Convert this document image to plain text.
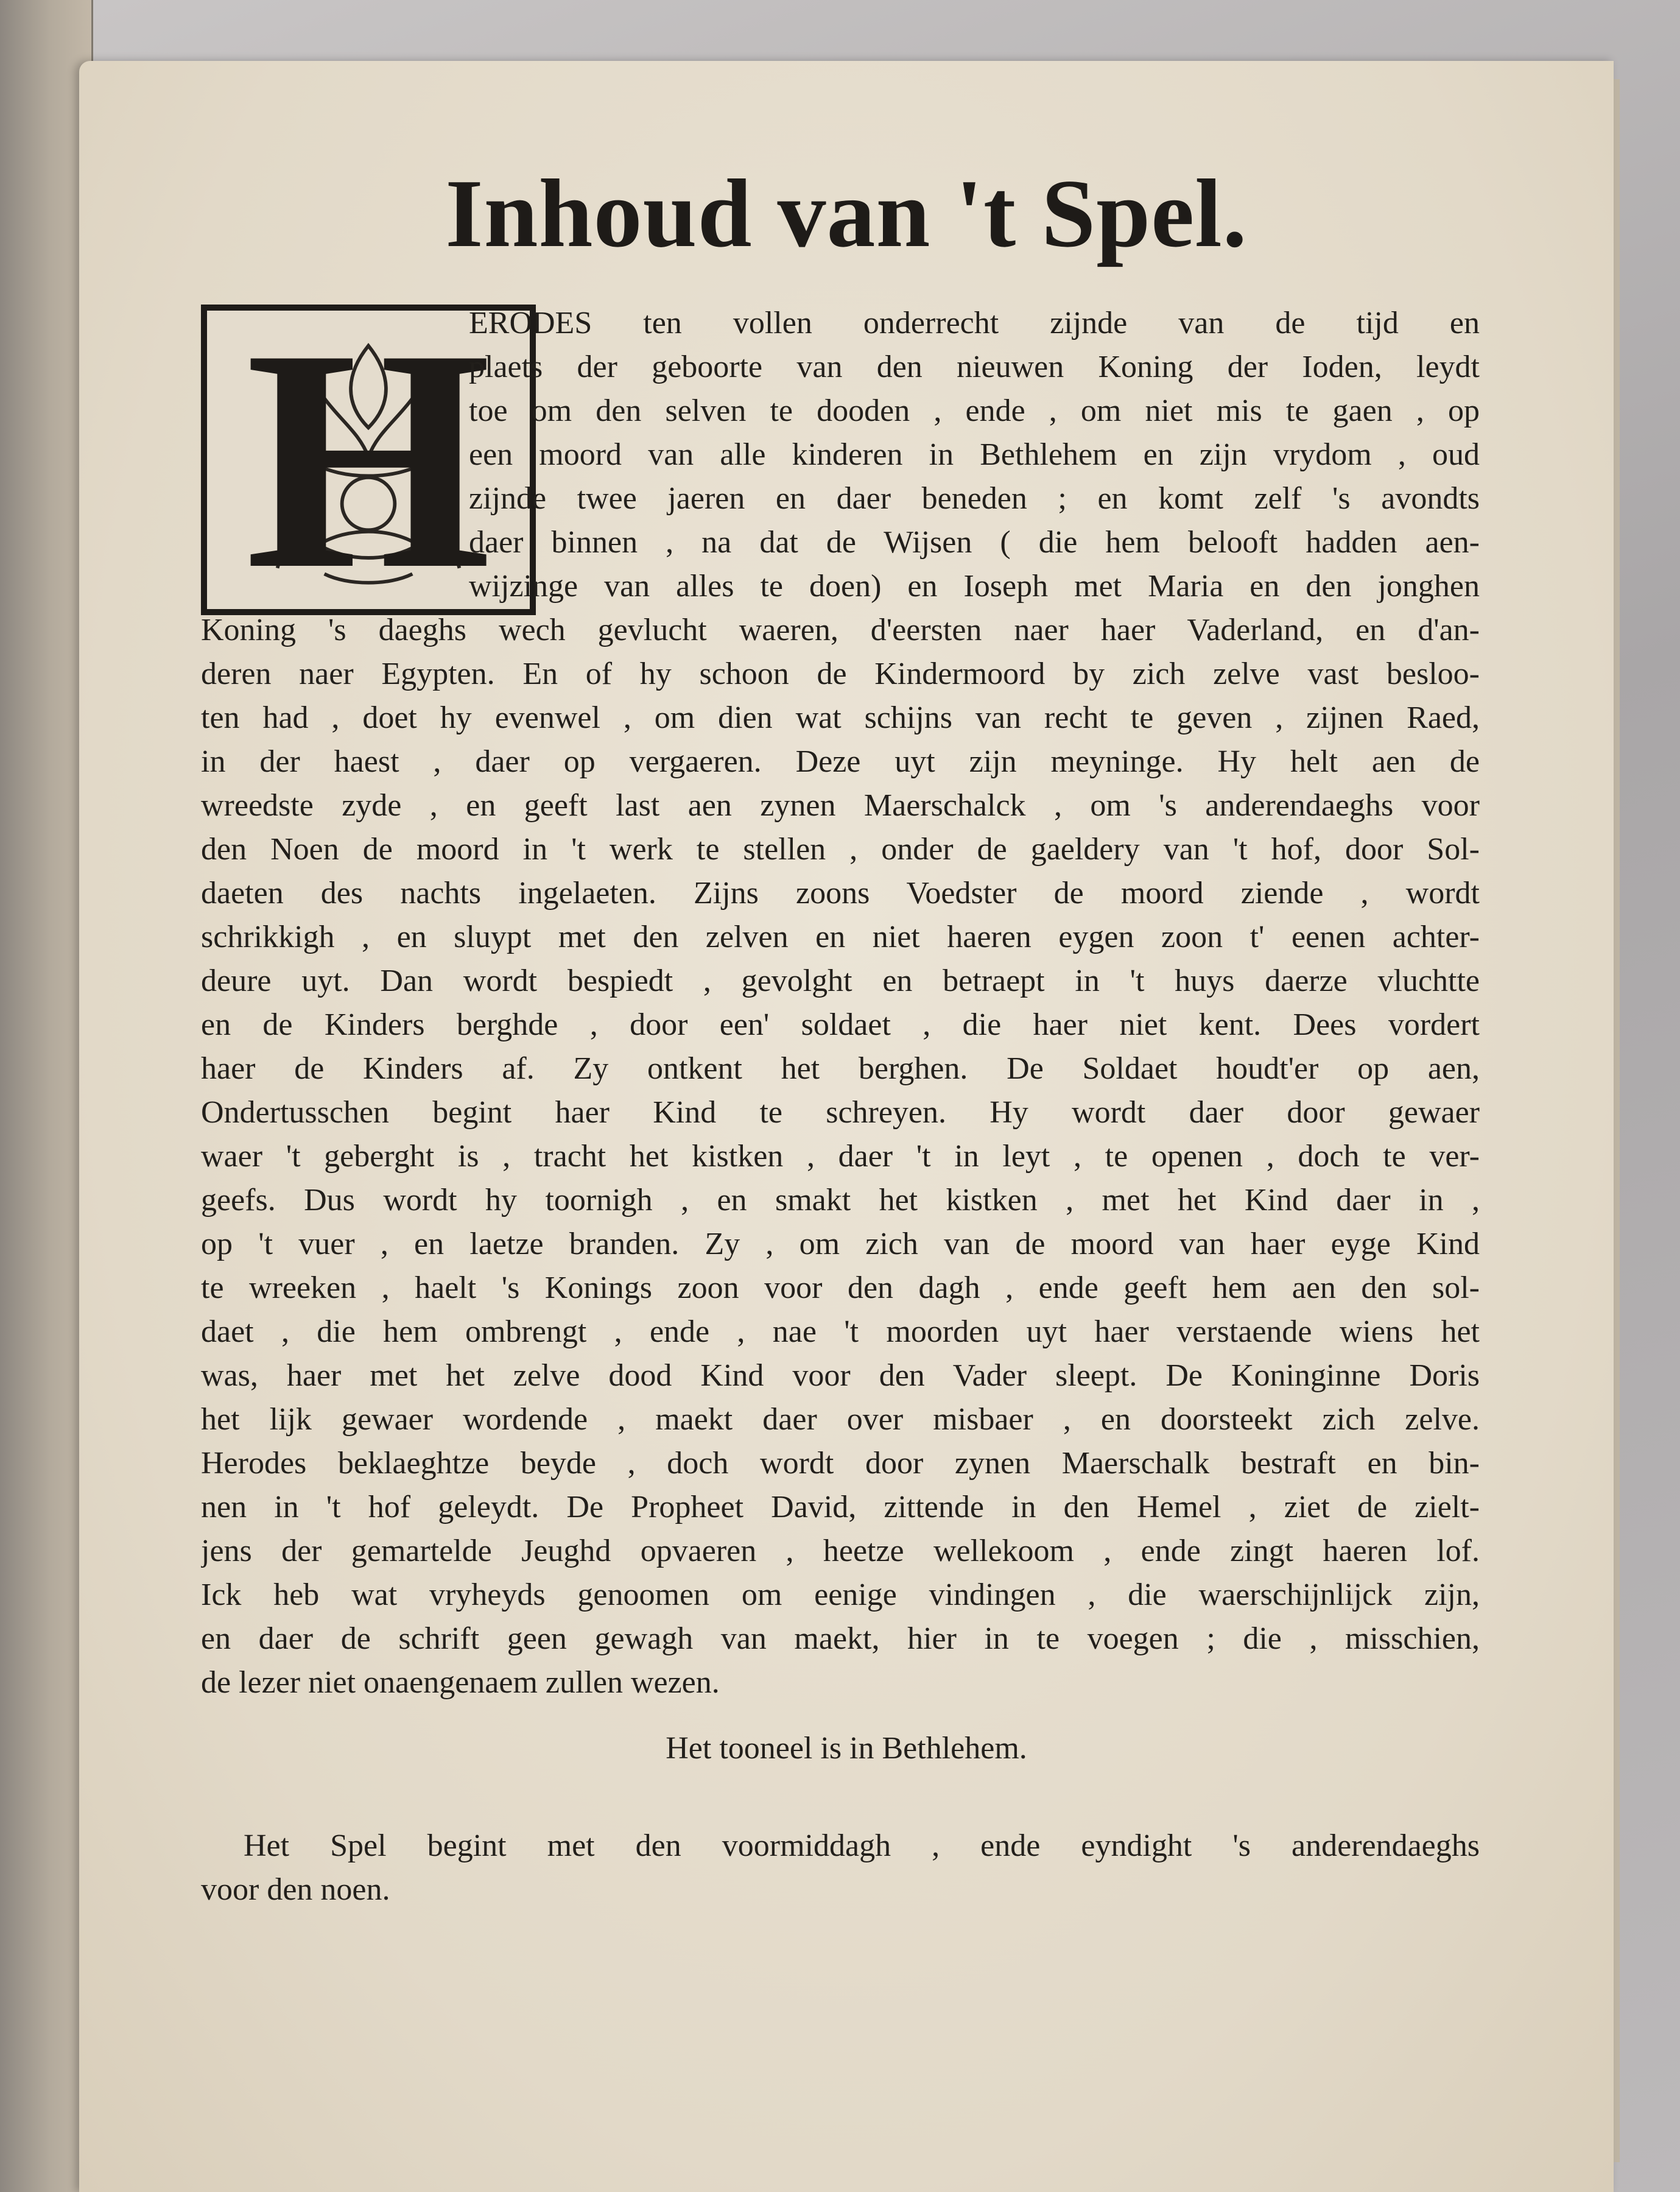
Inhoud van 't Spel.
H

ERODES ten vollen onderrecht zijnde van de tijd en

plaets der geboorte van den nieuwen Koning der Ioden, leydt

toe om den selven te dooden , ende , om niet mis te gaen , op

een moord van alle kinderen in Bethlehem en zijn vrydom , oud

zijnde twee jaeren en daer beneden ; en komt zelf 's avondts

daer binnen , na dat de Wijsen ( die hem belooft hadden aen-

wijzinge van alles te doen) en Ioseph met Maria en den jonghen

Koning 's daeghs wech gevlucht waeren, d'eersten naer haer Vaderland, en d'an-

deren naer Egypten. En of hy schoon de Kindermoord by zich zelve vast besloo-

ten had , doet hy evenwel , om dien wat schijns van recht te geven , zijnen Raed,

in der haest , daer op vergaeren. Deze uyt zijn meyninge. Hy helt aen de

wreedste zyde , en geeft last aen zynen Maerschalck , om 's anderendaeghs voor

den Noen de moord in 't werk te stellen , onder de gaeldery van 't hof, door Sol-

daeten des nachts ingelaeten. Zijns zoons Voedster de moord ziende , wordt

schrikkigh , en sluypt met den zelven en niet haeren eygen zoon t' eenen achter-

deure uyt. Dan wordt bespiedt , gevolght en betraept in 't huys daerze vluchtte

en de Kinders berghde , door een' soldaet , die haer niet kent. Dees vordert

haer de Kinders af. Zy ontkent het berghen. De Soldaet houdt'er op aen,

Ondertusschen begint haer Kind te schreyen. Hy wordt daer door gewaer

waer 't geberght is , tracht het kistken , daer 't in leyt , te openen , doch te ver-

geefs. Dus wordt hy toornigh , en smakt het kistken , met het Kind daer in ,

op 't vuer , en laetze branden. Zy , om zich van de moord van haer eyge Kind

te wreeken , haelt 's Konings zoon voor den dagh , ende geeft hem aen den sol-

daet , die hem ombrengt , ende , nae 't moorden uyt haer verstaende wiens het

was, haer met het zelve dood Kind voor den Vader sleept. De Koninginne Doris

het lijk gewaer wordende , maekt daer over misbaer , en doorsteekt zich zelve.

Herodes beklaeghtze beyde , doch wordt door zynen Maerschalk bestraft en bin-

nen in 't hof geleydt. De Propheet David, zittende in den Hemel , ziet de zielt-

jens der gemartelde Jeughd opvaeren , heetze wellekoom , ende zingt haeren lof.

Ick heb wat vryheyds genoomen om eenige vindingen , die waerschijnlijck zijn,

en daer de schrift geen gewagh van maekt, hier in te voegen ; die , misschien,

de lezer niet onaengenaem zullen wezen.

Het tooneel is in Bethlehem.

Het Spel begint met den voormiddagh , ende eyndight 's anderendaeghs

voor den noen.
